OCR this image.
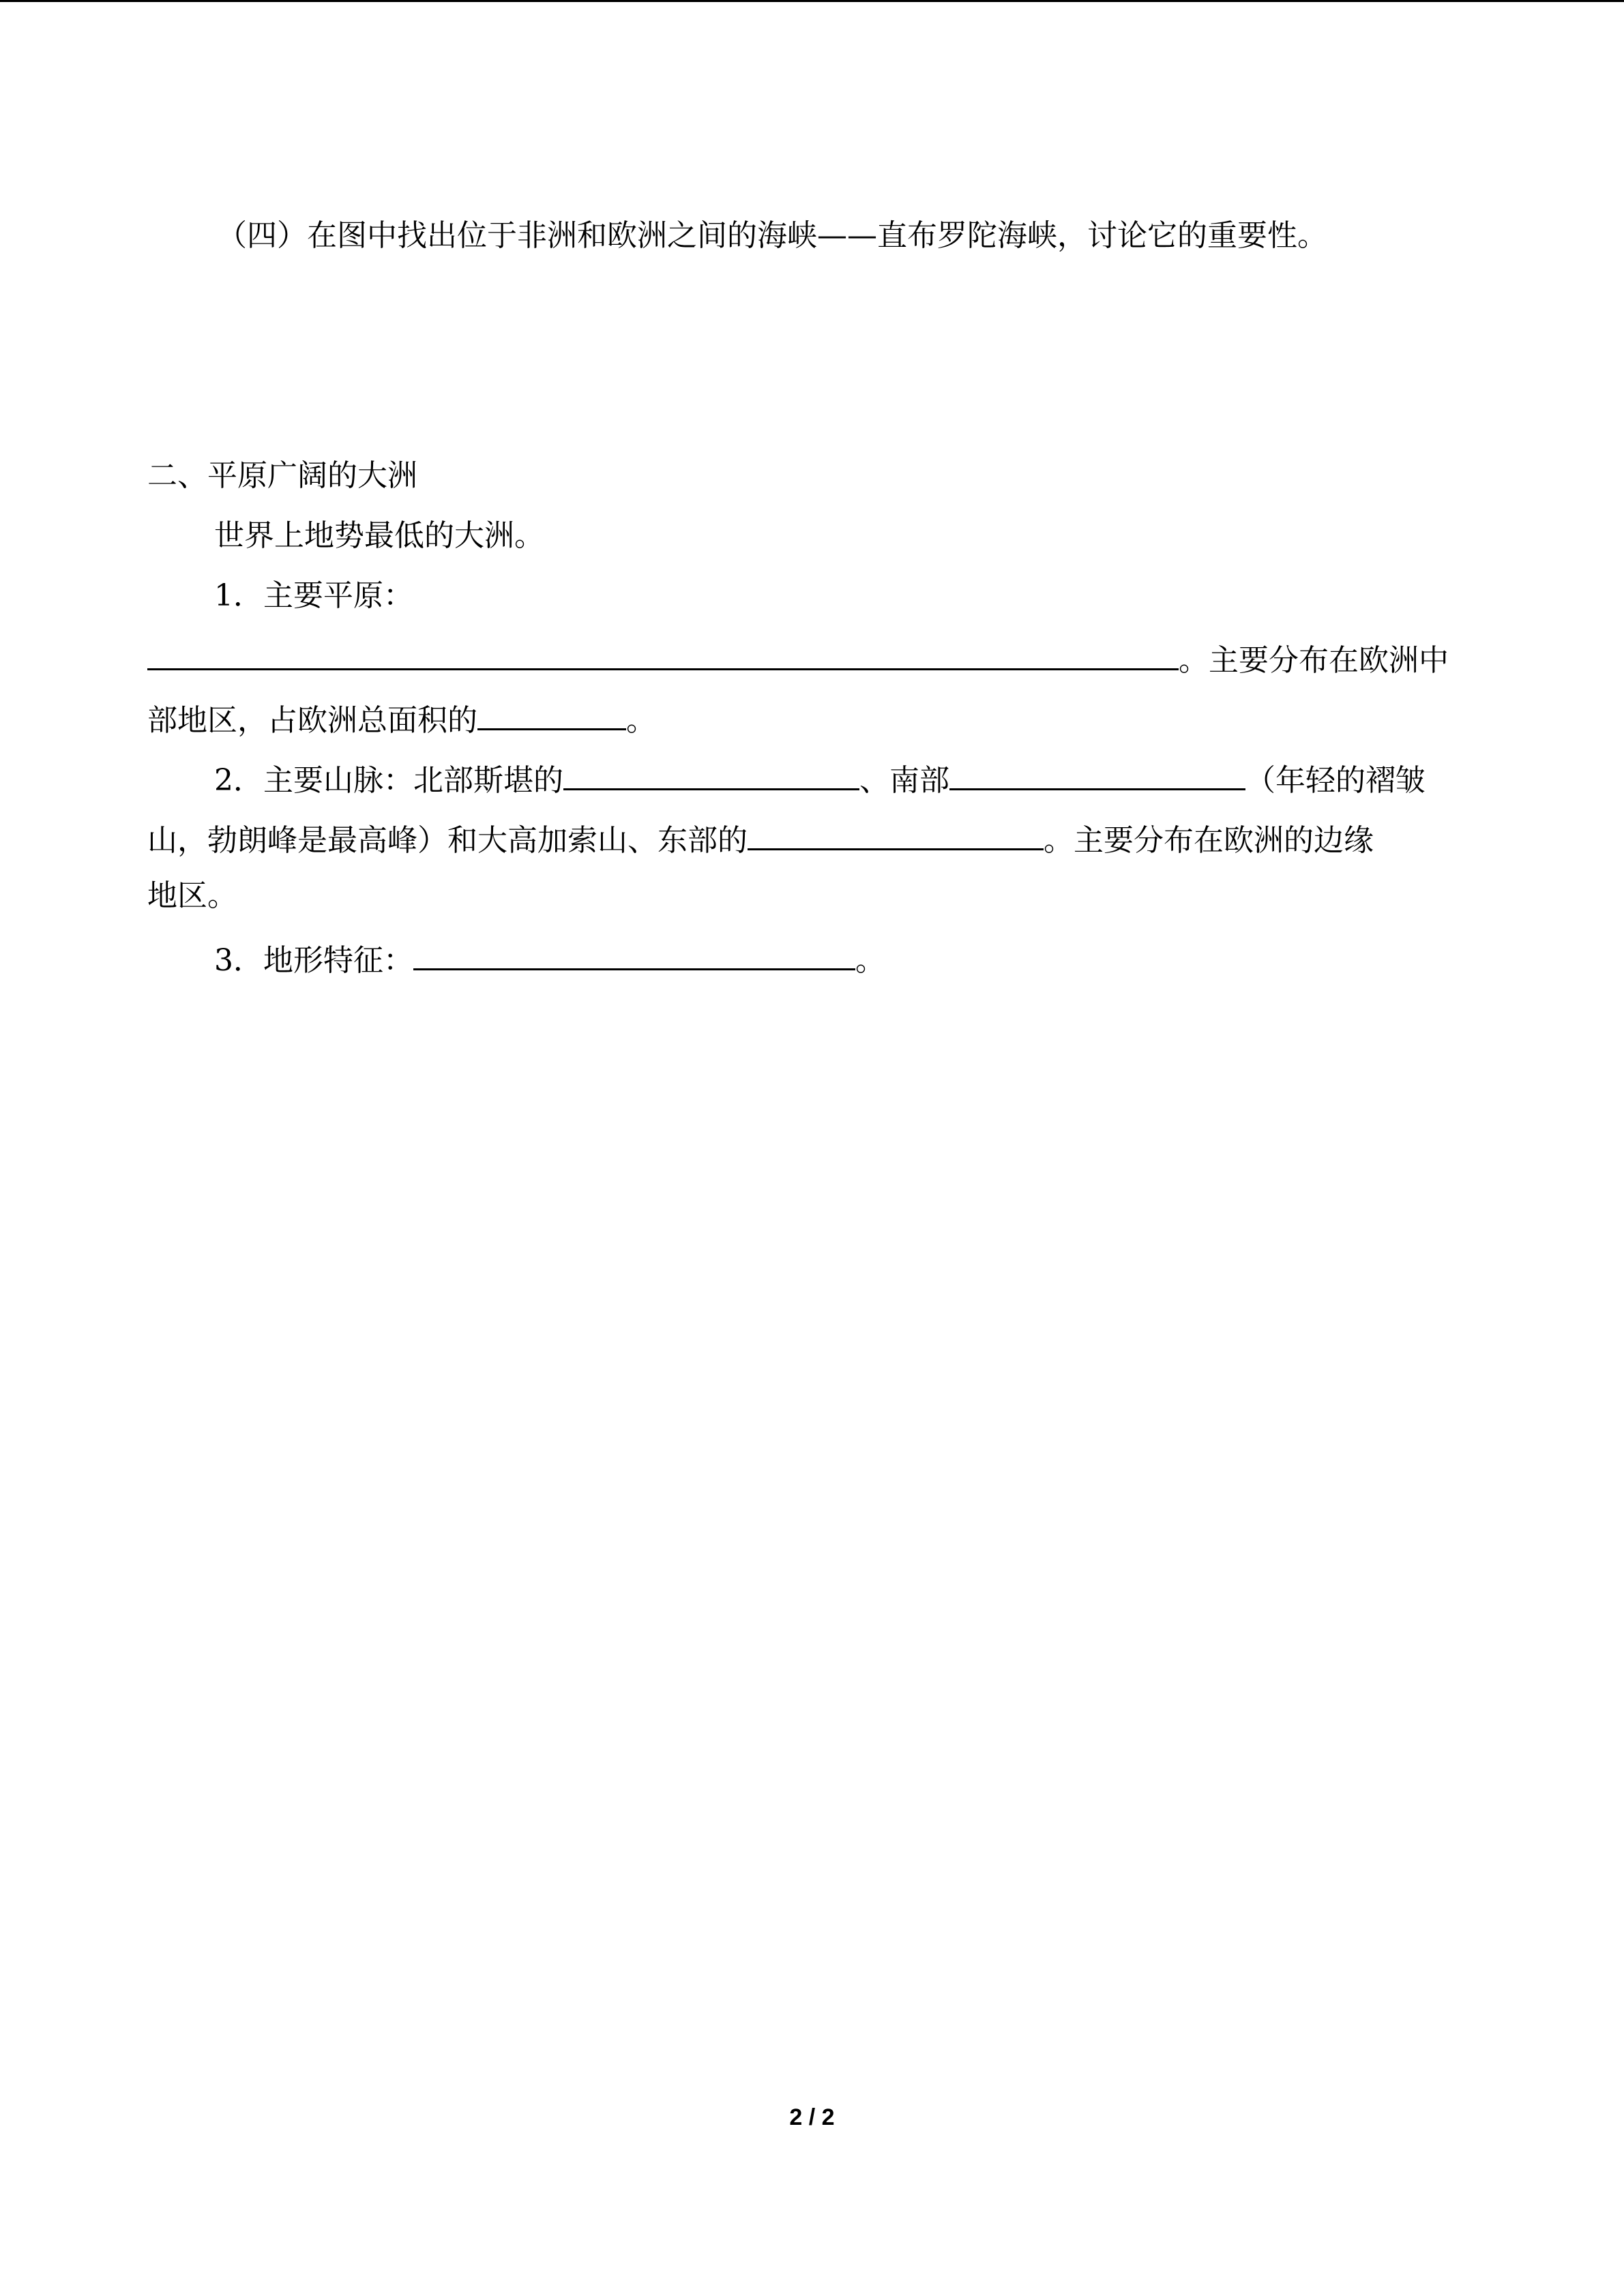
（四）在图中找出位于非洲和欧洲之间的海峡——直布罗陀海峡，讨论它的重要性。
二、平原广阔的大洲
世界上地势最低的大洲。
1．主要平原：
。主要分布在欧洲中
部地区，占欧洲总面积的	。
2．主要山脉：北部斯堪的	、南部	（年轻的褶皱
山，勃朗峰是最高峰）和大高加索山、东部的	。主要分布在欧洲的边缘
地区。
3．地形特征：	。
2 / 2
